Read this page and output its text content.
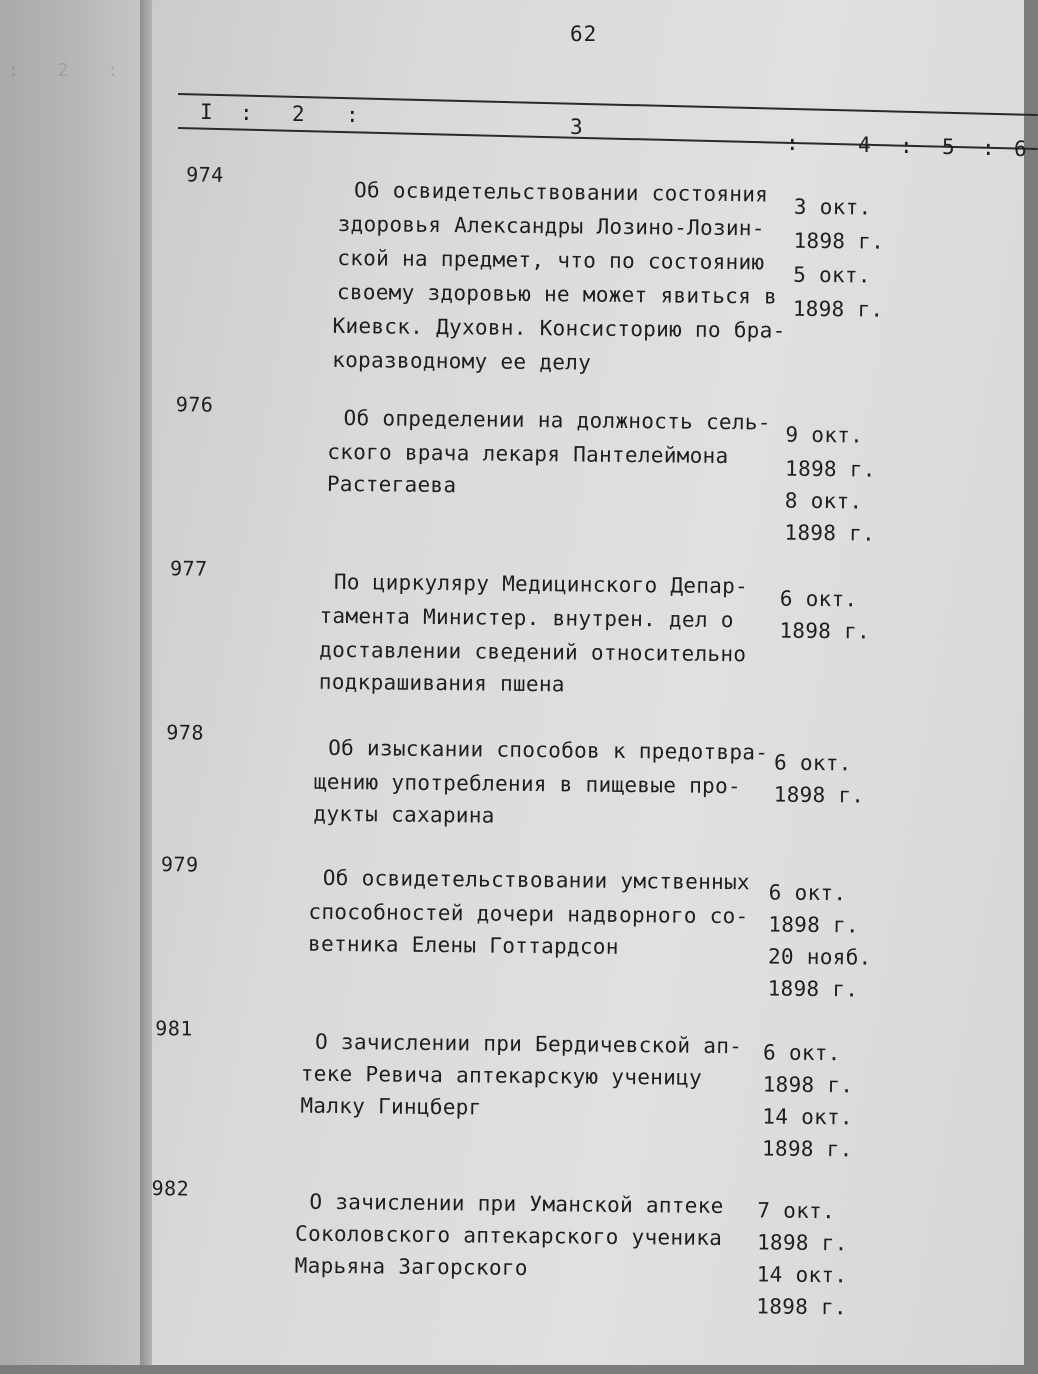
: 2 :
62
I : 2 :	3
:	4 : 5 : 6
974
Об освидетельствовании состояния
здоровья Александры Лозино-Лозин-
ской на предмет, что по состоянию
своему здоровью не может явиться в
Киевск. Духовн. Консисторию по бра-
коразводному ее делу
3 окт.
1898 г.
5 окт.
1898 г.
976
Об определении на должность сель-
ского врача лекаря Пантелеймона
Растегаева
9 окт.
1898 г.
8 окт.
1898 г.
977
По циркуляру Медицинского Депар-
тамента Министер. внутрен. дел о
доставлении сведений относительно
подкрашивания пшена
6 окт.
1898 г.
978
Об изыскании способов к предотвра-
щению употребления в пищевые про-
дукты сахарина
6 окт.
1898 г.
979
Об освидетельствовании умственных
способностей дочери надворного со-
ветника Елены Готтардсон
6 окт.
1898 г.
20 нояб.
1898 г.
981
О зачислении при Бердичевской ап-
теке Ревича аптекарскую ученицу
Малку Гинцберг
6 окт.
1898 г.
14 окт.
1898 г.
982
О зачислении при Уманской аптеке
Соколовского аптекарского ученика
Марьяна Загорского
7 окт.
1898 г.
14 окт.
1898 г.
